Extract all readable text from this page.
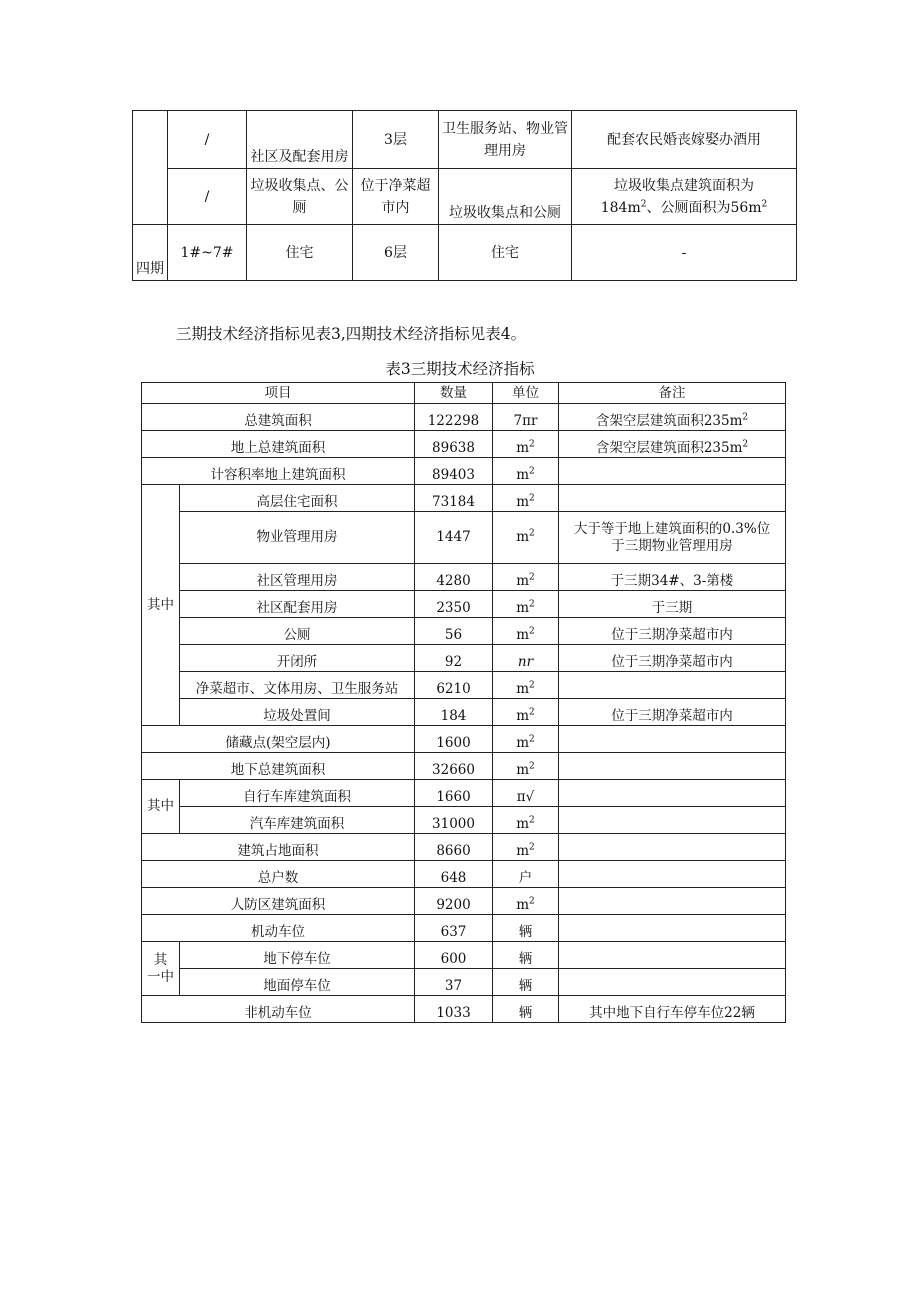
	/	社区及配套用房	3层	卫生服务站、物业管理用房	配套农民婚丧嫁娶办酒用
	/	垃圾收集点、公厕	位于净菜超市内	垃圾收集点和公厕	垃圾收集点建筑面积为
$184m^2$、公厕面积为$56m^2$

四期	1#~7#	住宅	6层	住宅	-
三期技术经济指标见表3,四期技术经济指标见表4。
表3三期技术经济指标
项目		数量	单位	备注
总建筑面积		122298	7πr	含架空层建筑面积$235m^2$
地上总建筑面积		89638	$m^2$	含架空层建筑面积$235m^2$
计容积率地上建筑面积		89403	$m^2$	
其中	高层住宅面积	73184	$m^2$	
	物业管理用房	1447	$m^2$	大于等于地上建筑面积的0.3%位
于三期物业管理用房

	社区管理用房	4280	$m^2$	于三期34#、3-第楼
	社区配套用房	2350	$m^2$	于三期
	公厕	56	$m^2$	位于三期净菜超市内
	开闭所	92	nr	位于三期净菜超市内
	净菜超市、文体用房、卫生服务站	6210	$m^2$	
	垃圾处置间	184	$m^2$	位于三期净菜超市内
储藏点(架空层内)		1600	$m^2$	
地下总建筑面积		32660	$m^2$	
其中	自行车库建筑面积	1660	π√	
	汽车库建筑面积	31000	$m^2$	
建筑占地面积		8660	$m^2$	
总户数		648	户	
人防区建筑面积		9200	$m^2$	
机动车位		637	辆	

其
一中	地下停车位	600	辆	
	地面停车位	37	辆	
非机动车位		1033	辆	其中地下自行车停车位22辆
